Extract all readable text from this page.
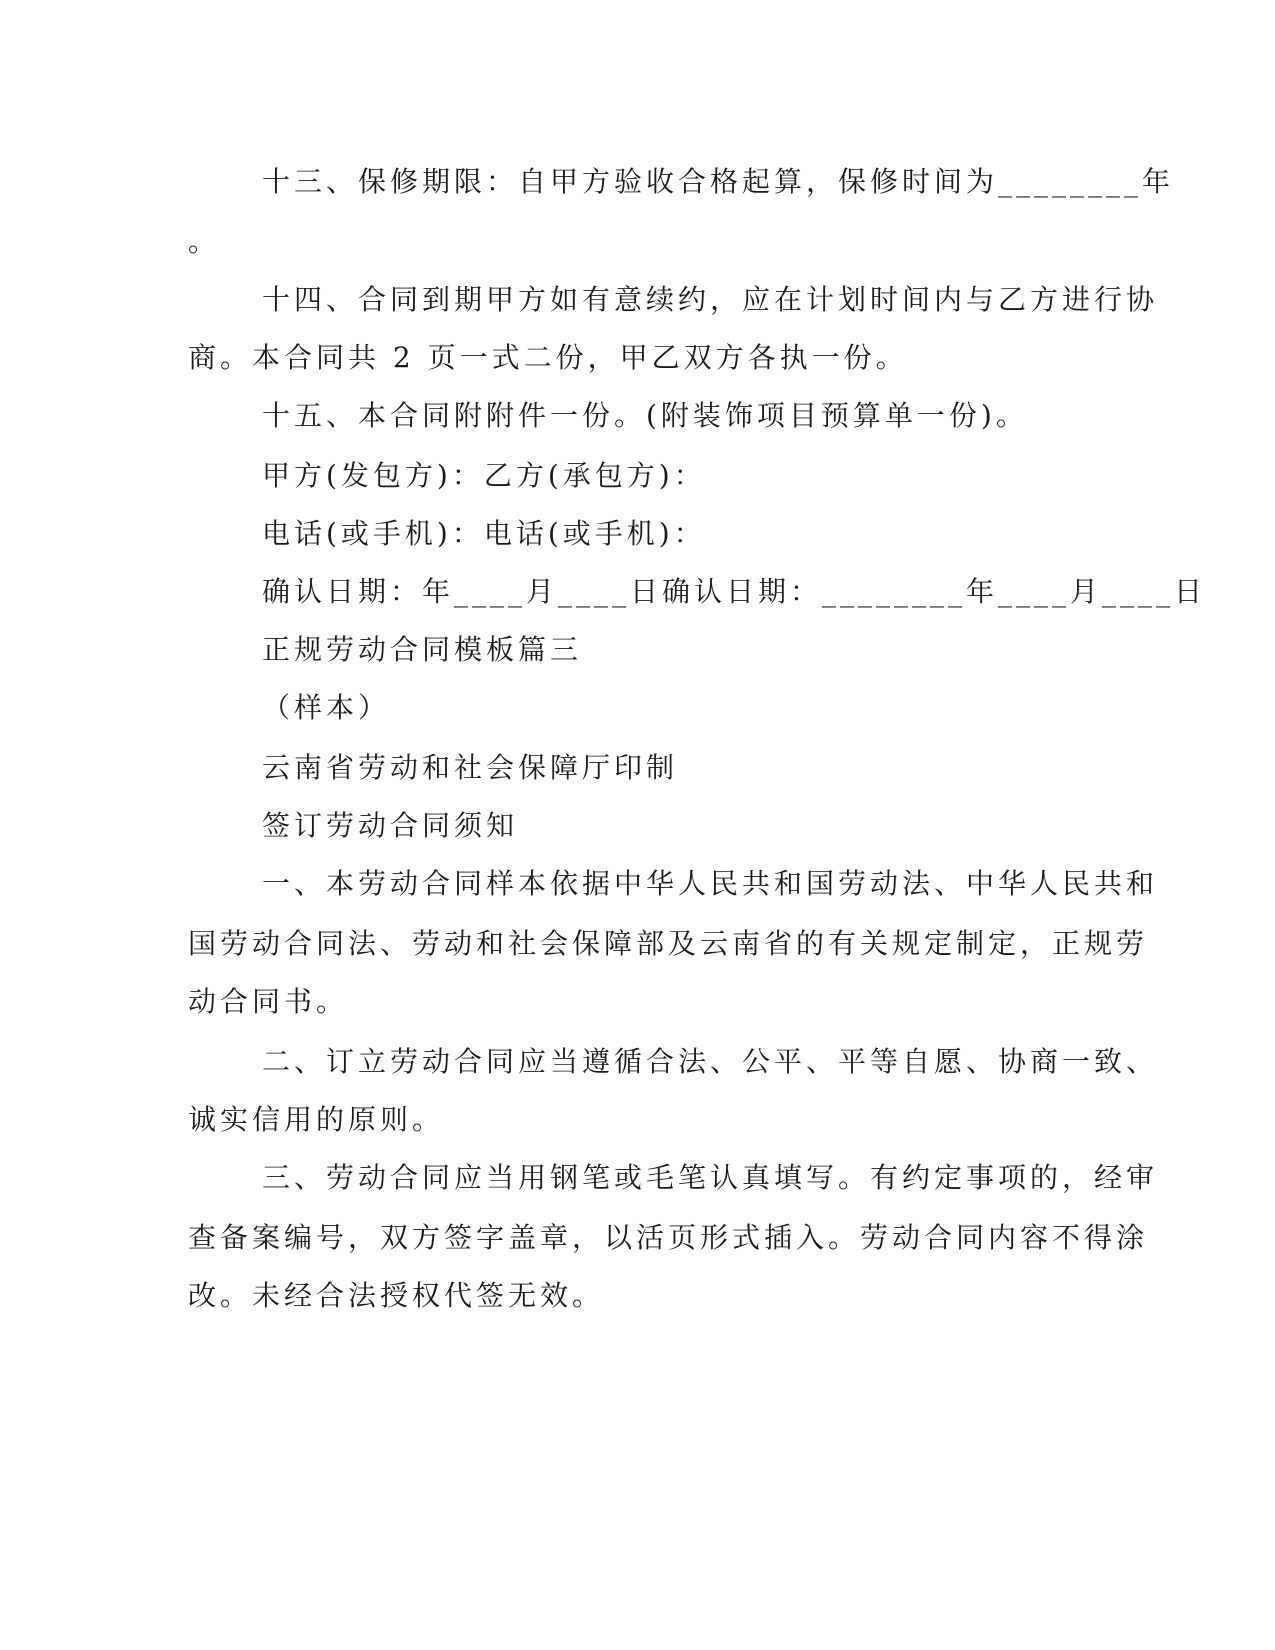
十三、保修期限：自甲方验收合格起算，保修时间为________年
。
十四、合同到期甲方如有意续约，应在计划时间内与乙方进行协
商。本合同共 2 页一式二份，甲乙双方各执一份。
十五、本合同附附件一份。(附装饰项目预算单一份)。
甲方(发包方)：乙方(承包方)：
电话(或手机)：电话(或手机)：
确认日期：年____月____日确认日期：________年____月____日
正规劳动合同模板篇三
（样本）
云南省劳动和社会保障厅印制
签订劳动合同须知
一、本劳动合同样本依据中华人民共和国劳动法、中华人民共和
国劳动合同法、劳动和社会保障部及云南省的有关规定制定，正规劳
动合同书。
二、订立劳动合同应当遵循合法、公平、平等自愿、协商一致、
诚实信用的原则。
三、劳动合同应当用钢笔或毛笔认真填写。有约定事项的，经审
查备案编号，双方签字盖章，以活页形式插入。劳动合同内容不得涂
改。未经合法授权代签无效。
